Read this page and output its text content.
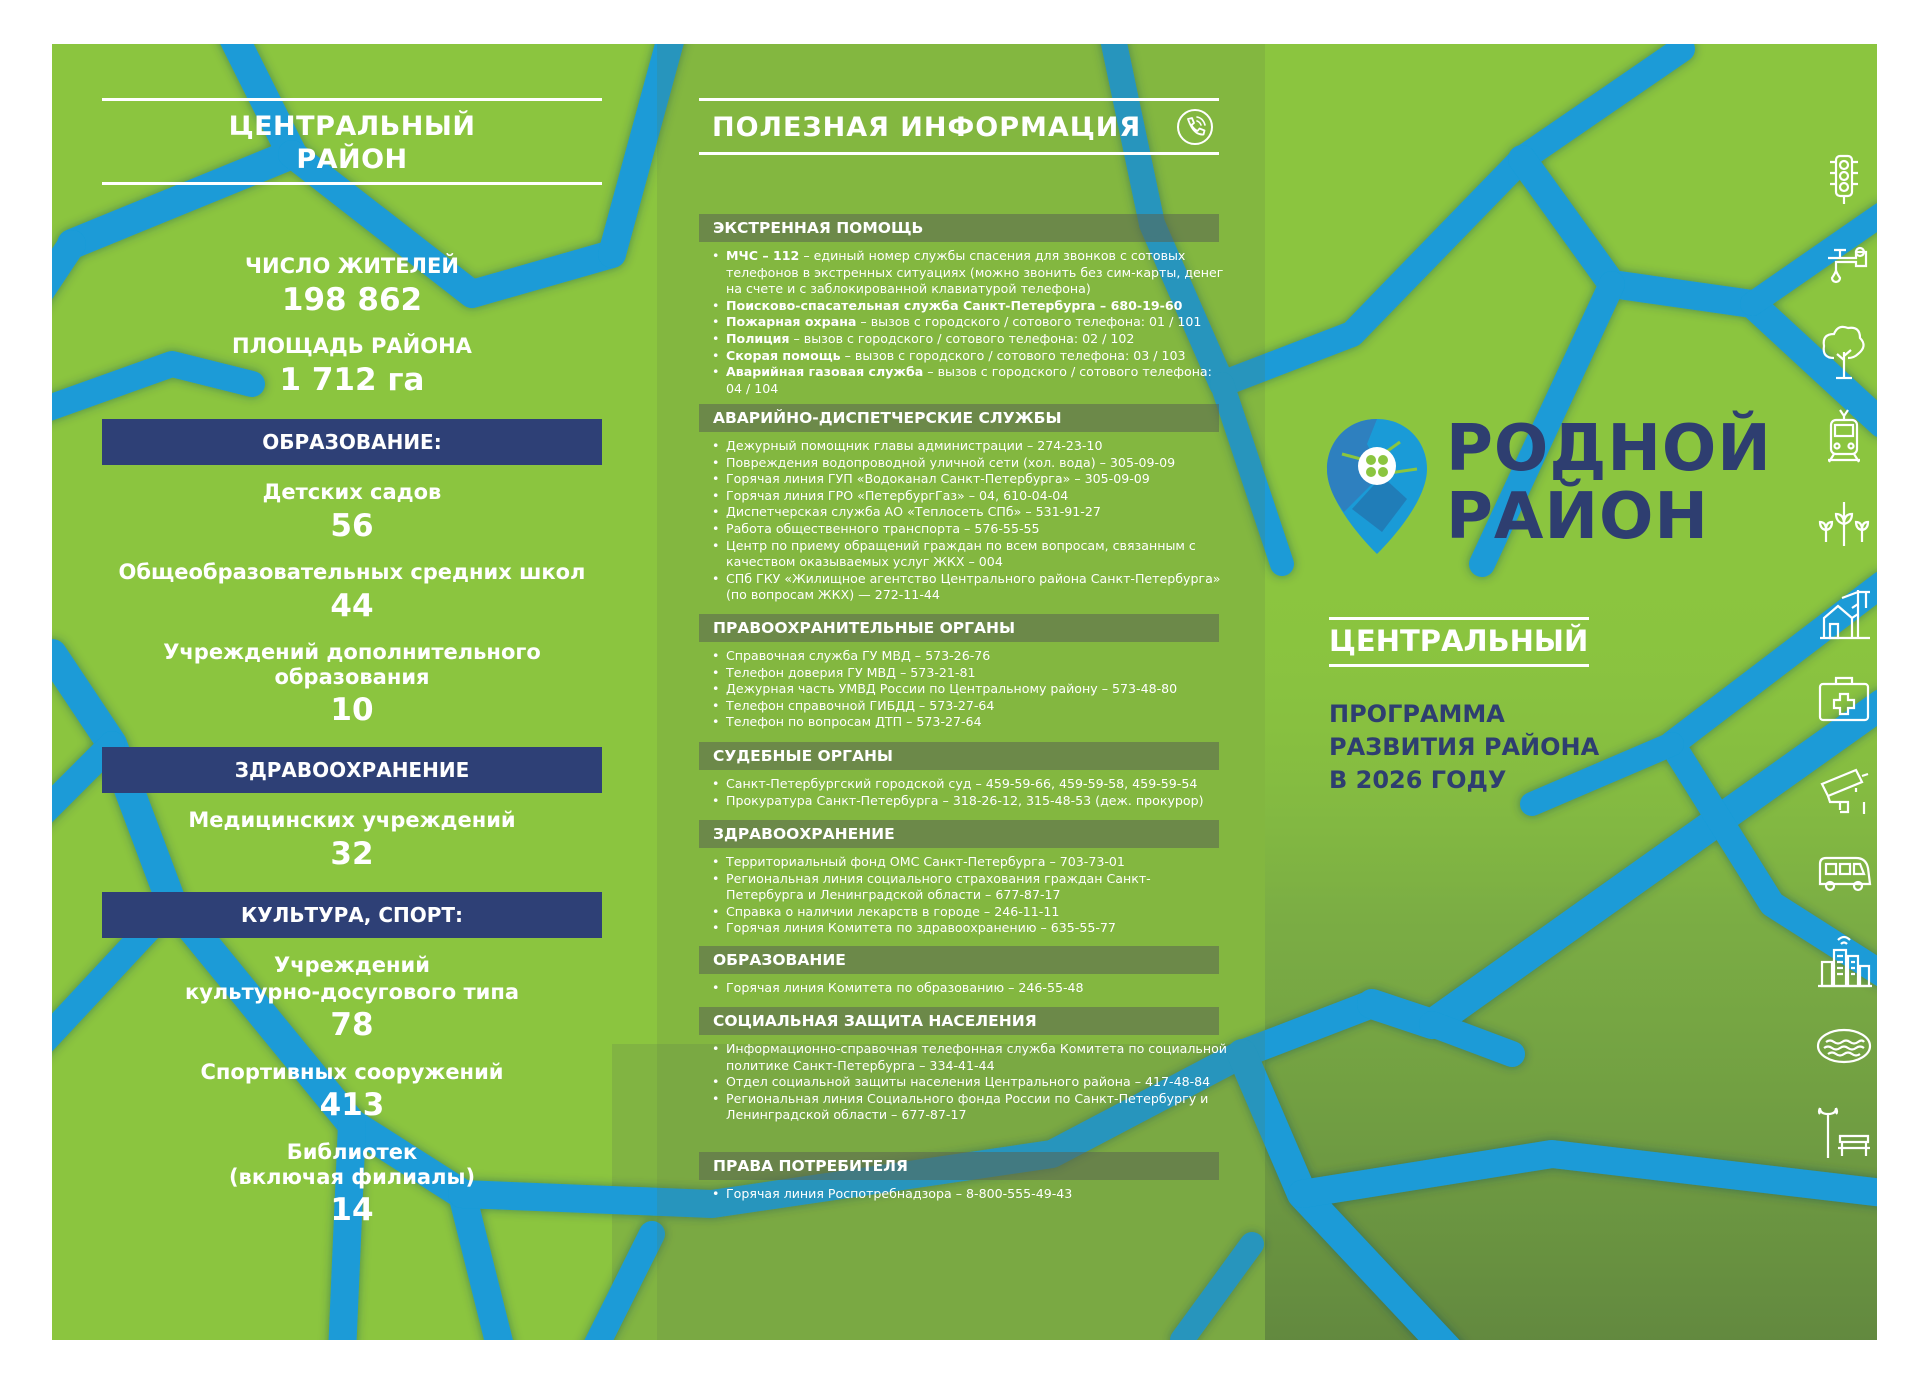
ЦЕНТРАЛЬНЫЙ
РАЙОН
ЧИСЛО ЖИТЕЛЕЙ
198 862
ПЛОЩАДЬ РАЙОНА
1 712 га
ОБРАЗОВАНИЕ:
Детских садов
56
Общеобразовательных средних школ
44
Учреждений дополнительного
образования
10
ЗДРАВООХРАНЕНИЕ
Медицинских учреждений
32
КУЛЬТУРА, СПОРТ:
Учреждений
культурно-досугового типа
78
Спортивных сооружений
413
Библиотек
(включая филиалы)
14
ПОЛЕЗНАЯ ИНФОРМАЦИЯ
ЭКСТРЕННАЯ ПОМОЩЬ
• МЧС – 112 – единый номер службы спасения для звонков с сотовых телефонов в экстренных ситуациях (можно звонить без сим-карты, денег на счете и с заблокированной клавиатурой телефона)
• Поисково-спасательная служба Санкт-Петербурга – 680-19-60
• Пожарная охрана – вызов с городского / сотового телефона: 01 / 101
• Полиция – вызов с городского / сотового телефона: 02 / 102
• Скорая помощь – вызов с городского / сотового телефона: 03 / 103
• Аварийная газовая служба – вызов с городского / сотового телефона: 04 / 104
АВАРИЙНО-ДИСПЕТЧЕРСКИЕ СЛУЖБЫ
• Дежурный помощник главы администрации – 274-23-10
• Повреждения водопроводной уличной сети (хол. вода) – 305-09-09
• Горячая линия ГУП «Водоканал Санкт-Петербурга» – 305-09-09
• Горячая линия ГРО «ПетербургГаз» – 04, 610-04-04
• Диспетчерская служба АО «Теплосеть СПб» – 531-91-27
• Работа общественного транспорта – 576-55-55
• Центр по приему обращений граждан по всем вопросам, связанным с качеством оказываемых услуг ЖКХ – 004
• СПб ГКУ «Жилищное агентство Центрального района Санкт-Петербурга» (по вопросам ЖКХ) — 272-11-44
ПРАВООХРАНИТЕЛЬНЫЕ ОРГАНЫ
• Справочная служба ГУ МВД – 573-26-76
• Телефон доверия ГУ МВД – 573-21-81
• Дежурная часть УМВД России по Центральному району – 573-48-80
• Телефон справочной ГИБДД – 573-27-64
• Телефон по вопросам ДТП – 573-27-64
СУДЕБНЫЕ ОРГАНЫ
• Санкт-Петербургский городской суд – 459-59-66, 459-59-58, 459-59-54
• Прокуратура Санкт-Петербурга – 318-26-12, 315-48-53 (деж. прокурор)
ЗДРАВООХРАНЕНИЕ
• Территориальный фонд ОМС Санкт-Петербурга – 703-73-01
• Региональная линия социального страхования граждан Санкт-Петербурга и Ленинградской области – 677-87-17
• Справка о наличии лекарств в городе – 246-11-11
• Горячая линия Комитета по здравоохранению – 635-55-77
ОБРАЗОВАНИЕ
• Горячая линия Комитета по образованию – 246-55-48
СОЦИАЛЬНАЯ ЗАЩИТА НАСЕЛЕНИЯ
• Информационно-справочная телефонная служба Комитета по социальной политике Санкт-Петербурга – 334-41-44
• Отдел социальной защиты населения Центрального района – 417-48-84
• Региональная линия Социального фонда России по Санкт-Петербургу и Ленинградской области – 677-87-17
ПРАВА ПОТРЕБИТЕЛЯ
• Горячая линия Роспотребнадзора – 8-800-555-49-43
РОДНОЙ
РАЙОН
ЦЕНТРАЛЬНЫЙ
ПРОГРАММА
РАЗВИТИЯ РАЙОНА
В 2026 ГОДУ
